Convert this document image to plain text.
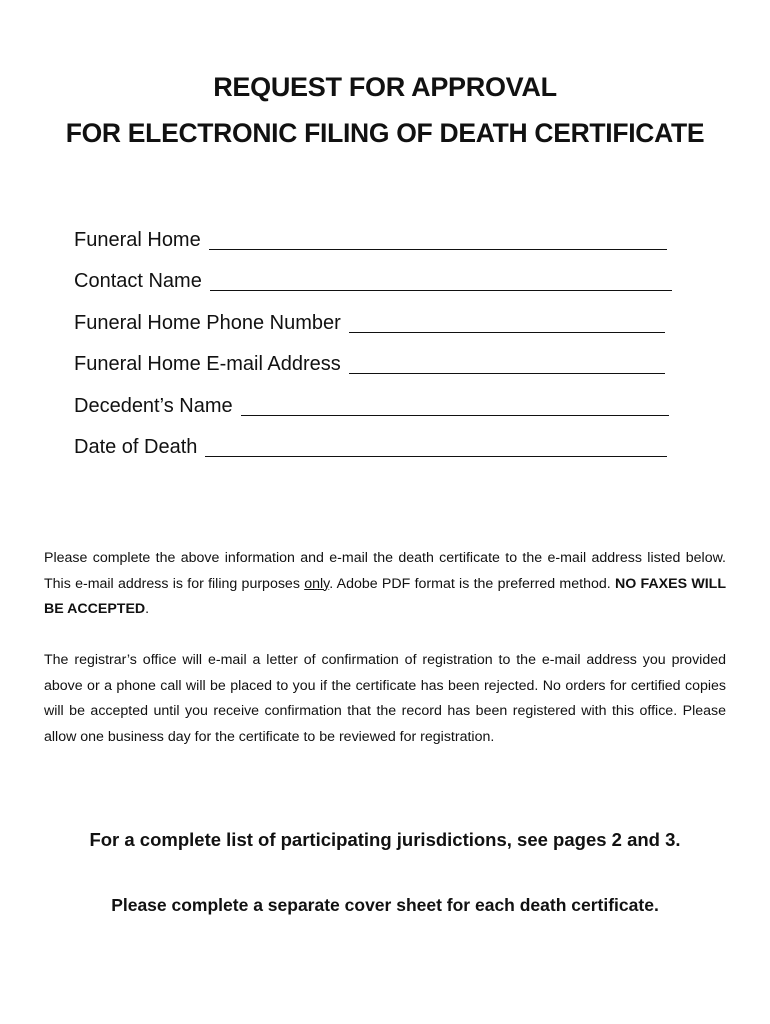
REQUEST FOR APPROVAL
FOR ELECTRONIC FILING OF DEATH CERTIFICATE
Funeral Home
Contact Name
Funeral Home Phone Number
Funeral Home E-mail Address
Decedent’s Name
Date of Death
Please complete the above information and e-mail the death certificate to the e-mail address listed below. This e-mail address is for filing purposes only. Adobe PDF format is the preferred method. NO FAXES WILL BE ACCEPTED.
The registrar’s office will e-mail a letter of confirmation of registration to the e-mail address you provided above or a phone call will be placed to you if the certificate has been rejected. No orders for certified copies will be accepted until you receive confirmation that the record has been registered with this office. Please allow one business day for the certificate to be reviewed for registration.
For a complete list of participating jurisdictions, see pages 2 and 3.
Please complete a separate cover sheet for each death certificate.
